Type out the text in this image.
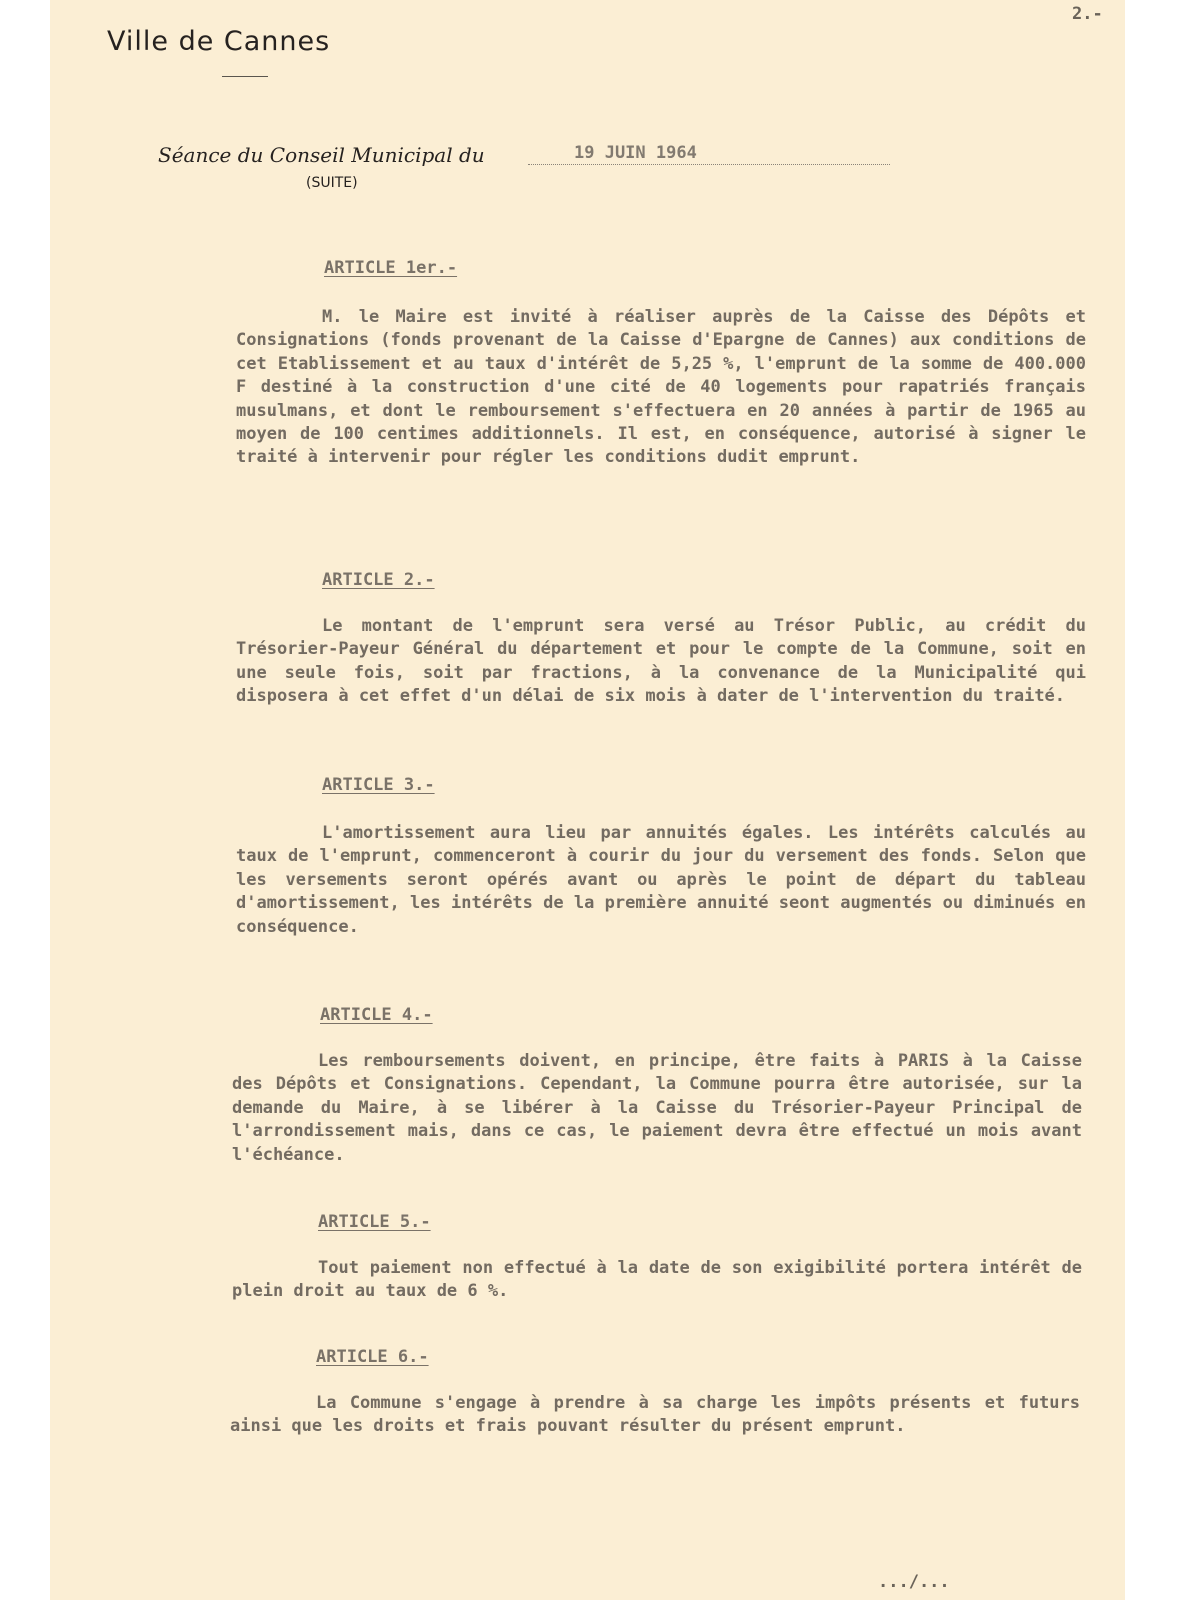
2.-
Ville de Cannes
Séance du Conseil Municipal du	19 JUIN 1964
(SUITE)
ARTICLE 1er.-
M. le Maire est invité à réaliser auprès de la Caisse des Dépôts et Consignations (fonds provenant de la Caisse d'Epargne de Cannes) aux conditions de cet Etablissement et au taux d'intérêt de 5,25 %, l'emprunt de la somme de 400.000 F destiné à la construction d'une cité de 40 logements pour rapatriés français musulmans, et dont le remboursement s'effectuera en 20 années à partir de 1965 au moyen de 100 centimes additionnels. Il est, en conséquence, autorisé à signer le traité à intervenir pour régler les conditions dudit emprunt.
ARTICLE 2.-
Le montant de l'emprunt sera versé au Trésor Public, au crédit du Trésorier-Payeur Général du département et pour le compte de la Commune, soit en une seule fois, soit par fractions, à la convenance de la Municipalité qui disposera à cet effet d'un délai de six mois à dater de l'intervention du traité.
ARTICLE 3.-
L'amortissement aura lieu par annuités égales. Les intérêts calculés au taux de l'emprunt, commenceront à courir du jour du versement des fonds. Selon que les versements seront opérés avant ou après le point de départ du tableau d'amortissement, les intérêts de la première annuité seont augmentés ou diminués en conséquence.
ARTICLE 4.-
Les remboursements doivent, en principe, être faits à PARIS à la Caisse des Dépôts et Consignations. Cependant, la Commune pourra être autorisée, sur la demande du Maire, à se libérer à la Caisse du Trésorier-Payeur Principal de l'arrondissement mais, dans ce cas, le paiement devra être effectué un mois avant l'échéance.
ARTICLE 5.-
Tout paiement non effectué à la date de son exigibilité portera intérêt de plein droit au taux de 6 %.
ARTICLE 6.-
La Commune s'engage à prendre à sa charge les impôts présents et futurs ainsi que les droits et frais pouvant résulter du présent emprunt.
.../...
